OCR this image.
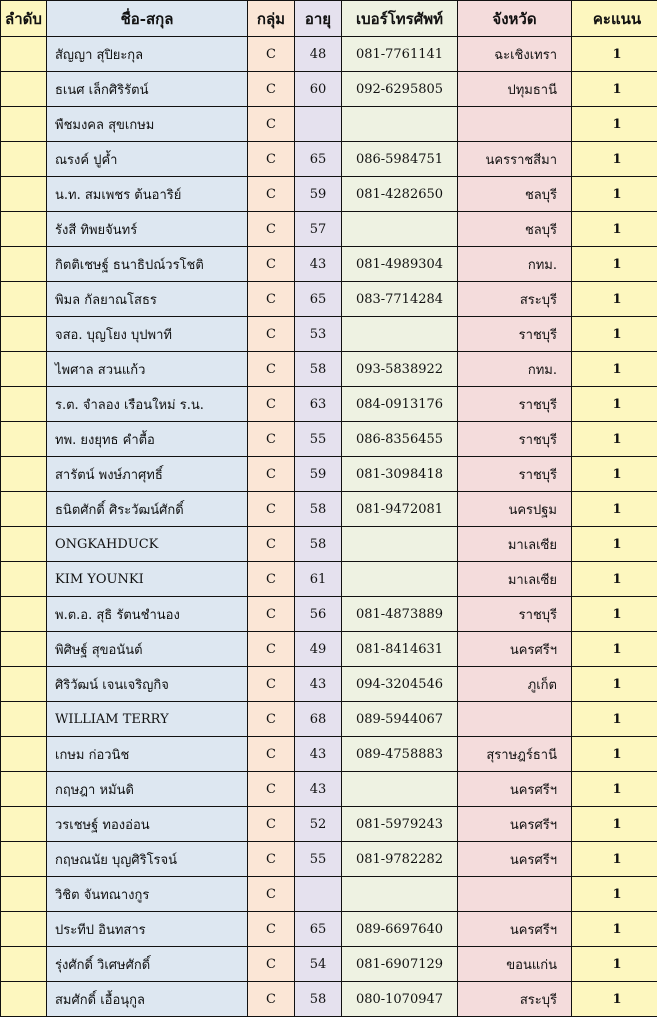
ลำดับ	ชื่อ-สกุล	กลุ่ม	อายุ	เบอร์โทรศัพท์	จังหวัด	คะแนน
	สัญญา สุปิยะกุล	C	48	081-7761141	ฉะเชิงเทรา	1
	ธเนศ เล็กศิริรัตน์	C	60	092-6295805	ปทุมธานี	1
	พืชมงคล สุขเกษม	C				1
	ณรงค์ ปูค้ำ	C	65	086-5984751	นครราชสีมา	1
	น.ท. สมเพชร ต้นอาริย์	C	59	081-4282650	ชลบุรี	1
	รังสี ทิพยจันทร์	C	57		ชลบุรี	1
	กิตติเชษฐ์ ธนาธิปณ์วรโชติ	C	43	081-4989304	กทม.	1
	พิมล กัลยาณโสธร	C	65	083-7714284	สระบุรี	1
	จสอ. บุญโยง บุปพาที	C	53		ราชบุรี	1
	ไพศาล สวนแก้ว	C	58	093-5838922	กทม.	1
	ร.ต. จำลอง เรือนใหม่ ร.น.	C	63	084-0913176	ราชบุรี	1
	ทพ. ยงยุทธ คำตื้อ	C	55	086-8356455	ราชบุรี	1
	สารัตน์ พงษ์ภาศุทธิ์	C	59	081-3098418	ราชบุรี	1
	ธนิตศักดิ์ ศิระวัฒน์ศักดิ์	C	58	081-9472081	นครปฐม	1
	ONGKAHDUCK	C	58		มาเลเซีย	1
	KIM YOUNKI	C	61		มาเลเซีย	1
	พ.ต.อ. สุธิ รัตนชำนอง	C	56	081-4873889	ราชบุรี	1
	พิศิษฐ์ สุขอนันต์	C	49	081-8414631	นครศรีฯ	1
	ศิริวัฒน์ เจนเจริญกิจ	C	43	094-3204546	ภูเก็ต	1
	WILLIAM TERRY	C	68	089-5944067		1
	เกษม ก่อวนิช	C	43	089-4758883	สุราษฎร์ธานี	1
	กฤษฎา หมันดิ	C	43		นครศรีฯ	1
	วรเชษฐ์ ทองอ่อน	C	52	081-5979243	นครศรีฯ	1
	กฤษณนัย บุญศิริโรจน์	C	55	081-9782282	นครศรีฯ	1
	วิชิต จันทณางกูร	C				1
	ประทีป อินทสาร	C	65	089-6697640	นครศรีฯ	1
	รุ่งศักดิ์ วิเศษศักดิ์	C	54	081-6907129	ขอนแก่น	1
	สมศักดิ์ เอื้อนุกูล	C	58	080-1070947	สระบุรี	1
